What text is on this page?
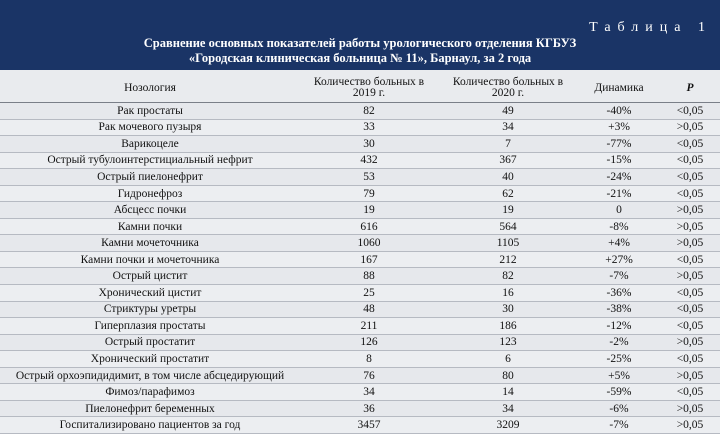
Таблица 1
Сравнение основных показателей работы урологического отделения КГБУЗ
«Городская клиническая больница № 11», Барнаул, за 2 года
Нозология	Количество больных в 2019 г.	Количество больных в 2020 г.	Динамика	P
Рак простаты	82	49	-40%	<0,05
Рак мочевого пузыря	33	34	+3%	>0,05
Варикоцеле	30	7	-77%	<0,05
Острый тубулоинтерстициальный нефрит	432	367	-15%	<0,05
Острый пиелонефрит	53	40	-24%	<0,05
Гидронефроз	79	62	-21%	<0,05
Абсцесс почки	19	19	0	>0,05
Камни почки	616	564	-8%	>0,05
Камни мочеточника	1060	1105	+4%	>0,05
Камни почки и мочеточника	167	212	+27%	<0,05
Острый цистит	88	82	-7%	>0,05
Хронический цистит	25	16	-36%	<0,05
Стриктуры уретры	48	30	-38%	<0,05
Гиперплазия простаты	211	186	-12%	<0,05
Острый простатит	126	123	-2%	>0,05
Хронический простатит	8	6	-25%	<0,05
Острый орхоэпидидимит, в том числе абсцедирующий	76	80	+5%	>0,05
Фимоз/парафимоз	34	14	-59%	<0,05
Пиелонефрит беременных	36	34	-6%	>0,05
Госпитализировано пациентов за год	3457	3209	-7%	>0,05
